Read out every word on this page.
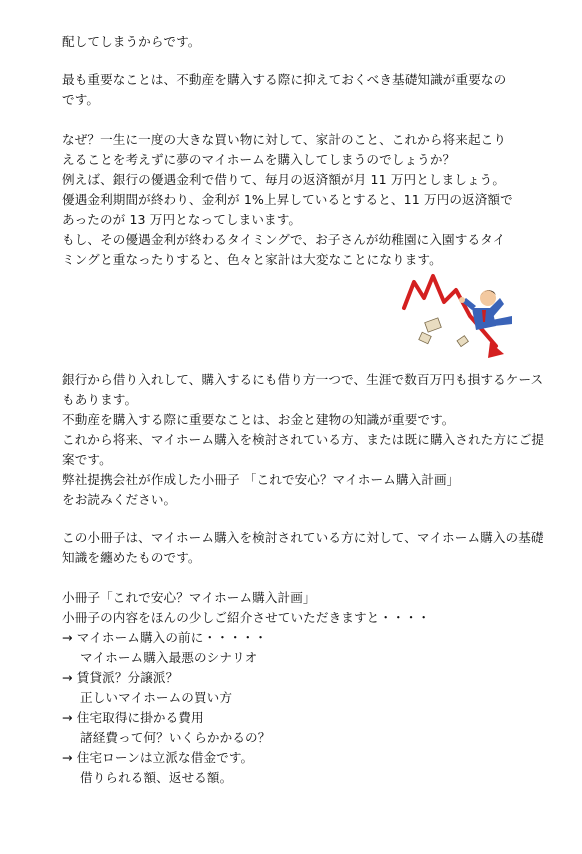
配してしまうからです。
最も重要なことは、不動産を購入する際に抑えておくべき基礎知識が重要なの
です。
なぜ？一生に一度の大きな買い物に対して、家計のこと、これから将来起こり
えることを考えずに夢のマイホームを購入してしまうのでしょうか？
例えば、銀行の優遇金利で借りて、毎月の返済額が月 11 万円としましょう。
優遇金利期間が終わり、金利が 1%上昇しているとすると、11 万円の返済額で
あったのが 13 万円となってしまいます。
もし、その優遇金利が終わるタイミングで、お子さんが幼稚園に入園するタイ
ミングと重なったりすると、色々と家計は大変なことになります。
銀行から借り入れして、購入するにも借り方一つで、生涯で数百万円も損するケース
もあります。
不動産を購入する際に重要なことは、お金と建物の知識が重要です。
これから将来、マイホーム購入を検討されている方、または既に購入された方にご提
案です。
弊社提携会社が作成した小冊子 「これで安心？マイホーム購入計画」
をお読みください。
この小冊子は、マイホーム購入を検討されている方に対して、マイホーム購入の基礎
知識を纏めたものです。
小冊子「これで安心？マイホーム購入計画」
小冊子の内容をほんの少しご紹介させていただきますと・・・・
→ マイホーム購入の前に・・・・・
マイホーム購入最悪のシナリオ
→ 賃貸派？分譲派？
正しいマイホームの買い方
→ 住宅取得に掛かる費用
諸経費って何？いくらかかるの？
→ 住宅ローンは立派な借金です。
借りられる額、返せる額。
